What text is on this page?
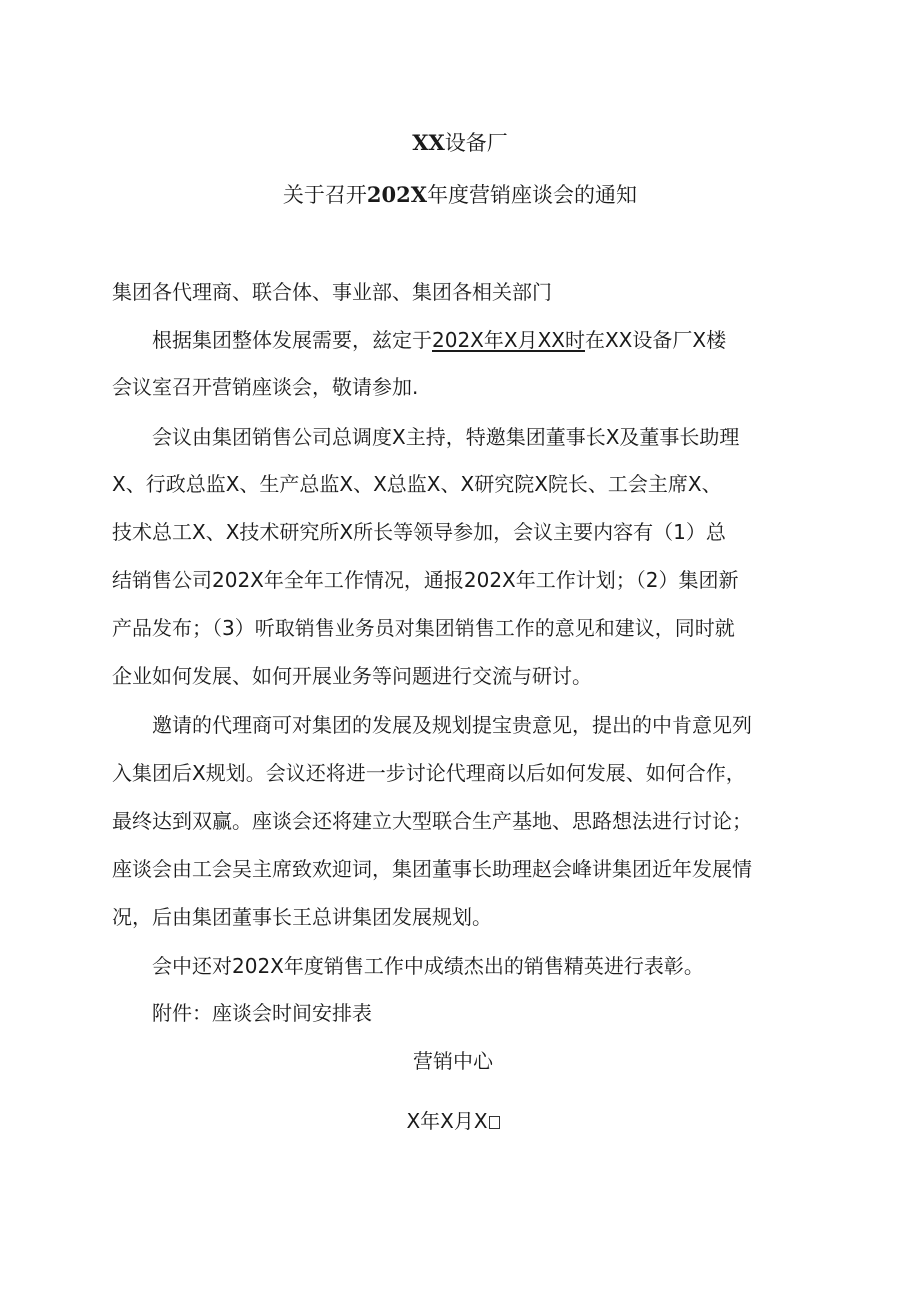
XX设备厂
关于召开202X年度营销座谈会的通知
集团各代理商、联合体、事业部、集团各相关部门
根据集团整体发展需要，兹定于202X年X月XX时在XX设备厂X楼
会议室召开营销座谈会，敬请参加.
会议由集团销售公司总调度X主持，特邀集团董事长X及董事长助理
X、行政总监X、生产总监X、X总监X、X研究院X院长、工会主席X、
技术总工X、X技术研究所X所长等领导参加，会议主要内容有（1）总
结销售公司202X年全年工作情况，通报202X年工作计划；（2）集团新
产品发布；（3）听取销售业务员对集团销售工作的意见和建议，同时就
企业如何发展、如何开展业务等问题进行交流与研讨。
邀请的代理商可对集团的发展及规划提宝贵意见，提出的中肯意见列
入集团后X规划。会议还将进一步讨论代理商以后如何发展、如何合作，
最终达到双赢。座谈会还将建立大型联合生产基地、思路想法进行讨论；
座谈会由工会吴主席致欢迎词，集团董事长助理赵会峰讲集团近年发展情
况，后由集团董事长王总讲集团发展规划。
会中还对202X年度销售工作中成绩杰出的销售精英进行表彰。
附件：座谈会时间安排表
营销中心
X年X月X
